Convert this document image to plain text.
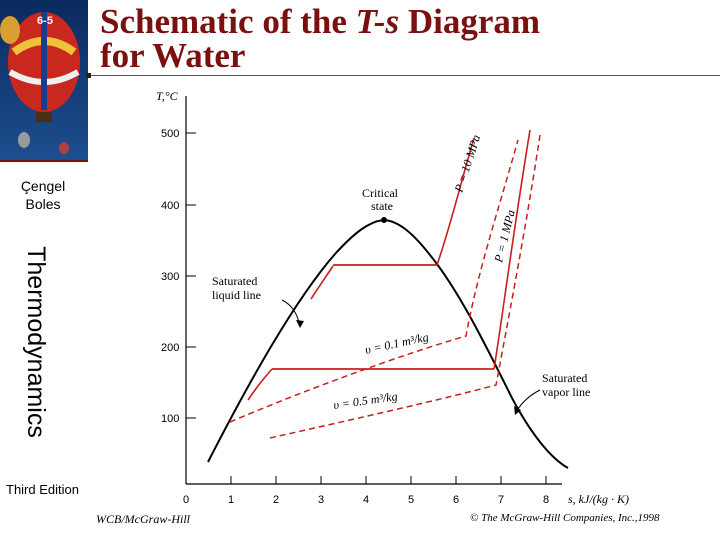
6-5
Çengel
Boles
Thermodynamics
Third Edition
Schematic of the T-s Diagram
for Water
T,°C
100
200
300
400
500
0	1	2	3	4	5	6	7	8 s, kJ/(kg · K)
Critical
state
Saturated
liquid line
Saturated
vapor line
P = 10 MPa
P = 1 MPa
υ = 0.1 m³/kg
υ = 0.5 m³/kg
WCB/McGraw-Hill	© The McGraw-Hill Companies, Inc.,1998
